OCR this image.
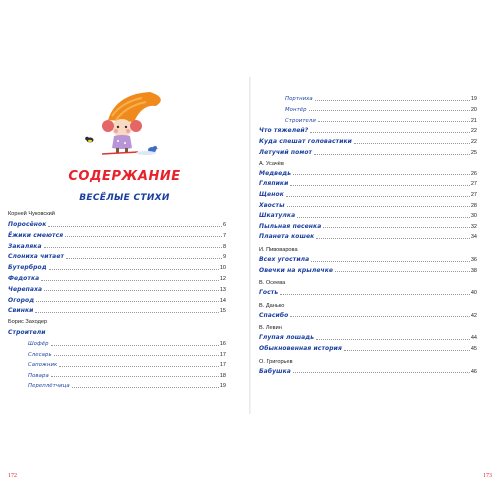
СОДЕРЖАНИЕ
ВЕСЁЛЫЕ СТИХИ
Корней Чуковский
Поросёнок	6
Ёжики смеются	7
Закаляка	8
Слониха читает	9
Бутерброд	10
Федотка	12
Черепаха	13
Огород	14
Свинки	15
Борис Заходер
Строители
Шофёр	16
Слесарь	17
Сапожник	17
Повара	18
Переплётчица	19
172
Портниха	19
Монтёр	20
Строители	21
Что тяжелей?	22
Куда спешат головастики	22
Летучий помот	25
А. Усачёв
Медведь	26
Гляпики	27
Щенок	27
Хвосты	28
Шкатулка	30
Пыльная песенка	32
Планета кошек	34
И. Пивоварова
Всех угостила	36
Овечки на крылечке	38
В. Осеева
Гость	40
В. Данько
Спасибо	42
В. Левин
Глупая лошадь	44
Обыкновенная история	45
О. Григорьев
Бабушка	46
173
